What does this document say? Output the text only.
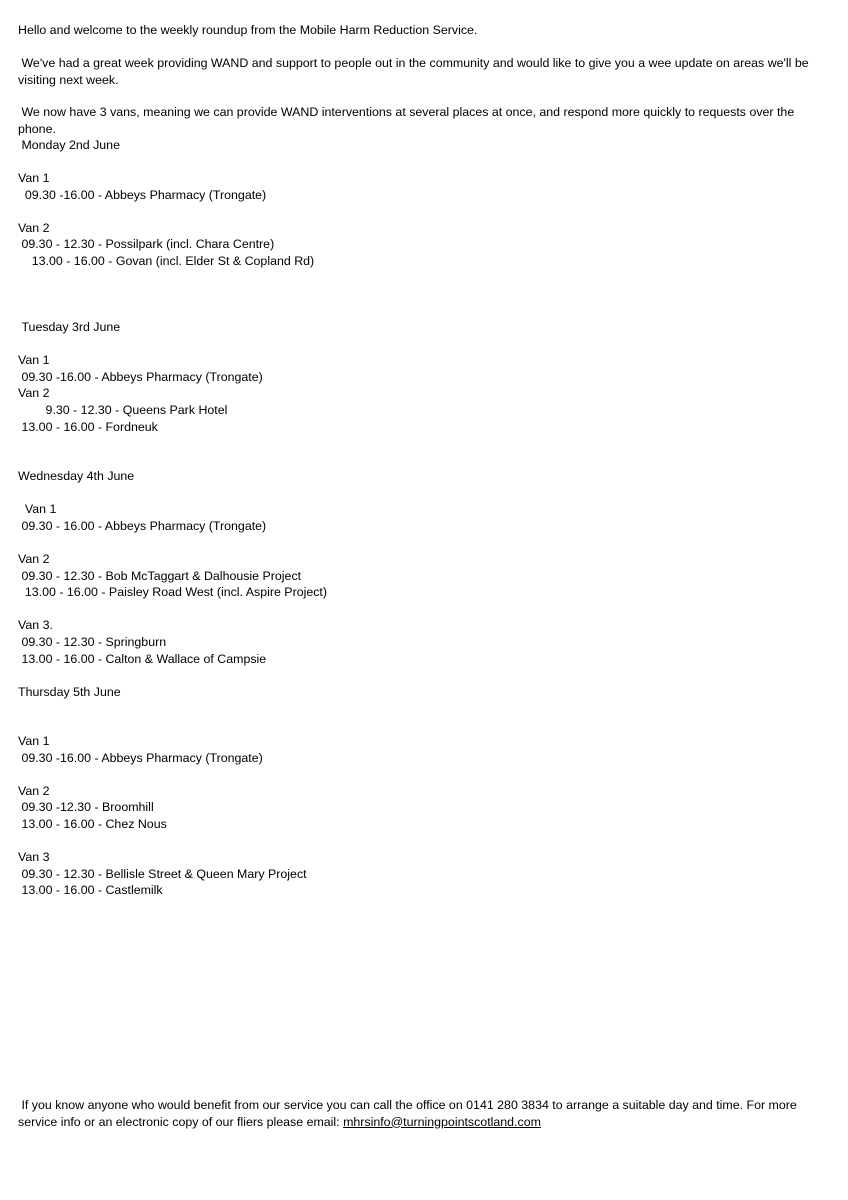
Hello and welcome to the weekly roundup from the Mobile Harm Reduction Service.

We've had a great week providing WAND and support to people out in the community and would like to give you a wee update on areas we'll be visiting next week.

We now have 3 vans, meaning we can provide WAND interventions at several places at once, and respond more quickly to requests over the phone.

Monday 2nd June

Van 1

09.30 -16.00 - Abbeys Pharmacy (Trongate)

Van 2

09.30 - 12.30 - Possilpark (incl. Chara Centre)

13.00 - 16.00 - Govan (incl. Elder St & Copland Rd)

Tuesday 3rd June

Van 1

09.30 -16.00 - Abbeys Pharmacy (Trongate)

Van 2

9.30 - 12.30 - Queens Park Hotel

13.00 - 16.00 - Fordneuk

Wednesday 4th June

Van 1

09.30 - 16.00 - Abbeys Pharmacy (Trongate)

Van 2

09.30 - 12.30 - Bob McTaggart & Dalhousie Project

13.00 - 16.00 - Paisley Road West (incl. Aspire Project)

Van 3.

09.30 - 12.30 - Springburn

13.00 - 16.00 - Calton & Wallace of Campsie

Thursday 5th June

Van 1

09.30 -16.00 - Abbeys Pharmacy (Trongate)

Van 2

09.30 -12.30 - Broomhill

13.00 - 16.00 - Chez Nous

Van 3

09.30 - 12.30 - Bellisle Street & Queen Mary Project

13.00 - 16.00 - Castlemilk

If you know anyone who would benefit from our service you can call the office on 0141 280 3834 to arrange a suitable day and time. For more service info or an electronic copy of our fliers please email: mhrsinfo@turningpointscotland.com
